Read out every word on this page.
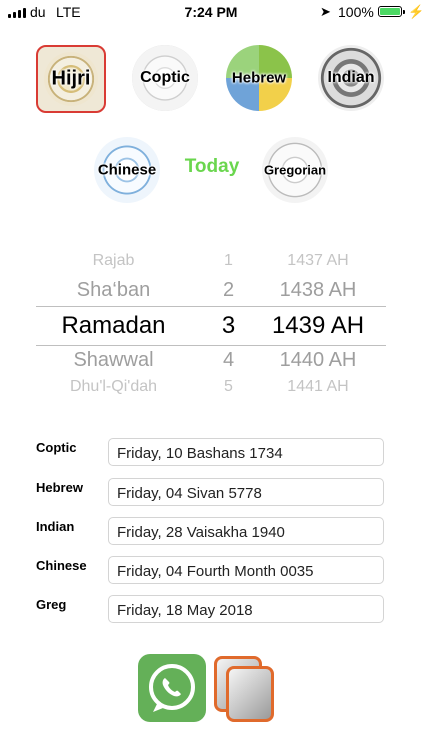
du LTE	7:24 PM	➤ 100%	⚡
Hijri	Coptic	Hebrew	Indian
Chinese	Today	Gregorian
Rajab	1	1437 AH
Sha‘ban	2	1438 AH
Ramadan	3	1439 AH
Shawwal	4	1440 AH
Dhu'l-Qi'dah	5	1441 AH
Coptic	Friday, 10 Bashans 1734
Hebrew	Friday, 04 Sivan 5778
Indian	Friday, 28 Vaisakha 1940
Chinese	Friday, 04 Fourth Month 0035
Greg	Friday, 18 May 2018
